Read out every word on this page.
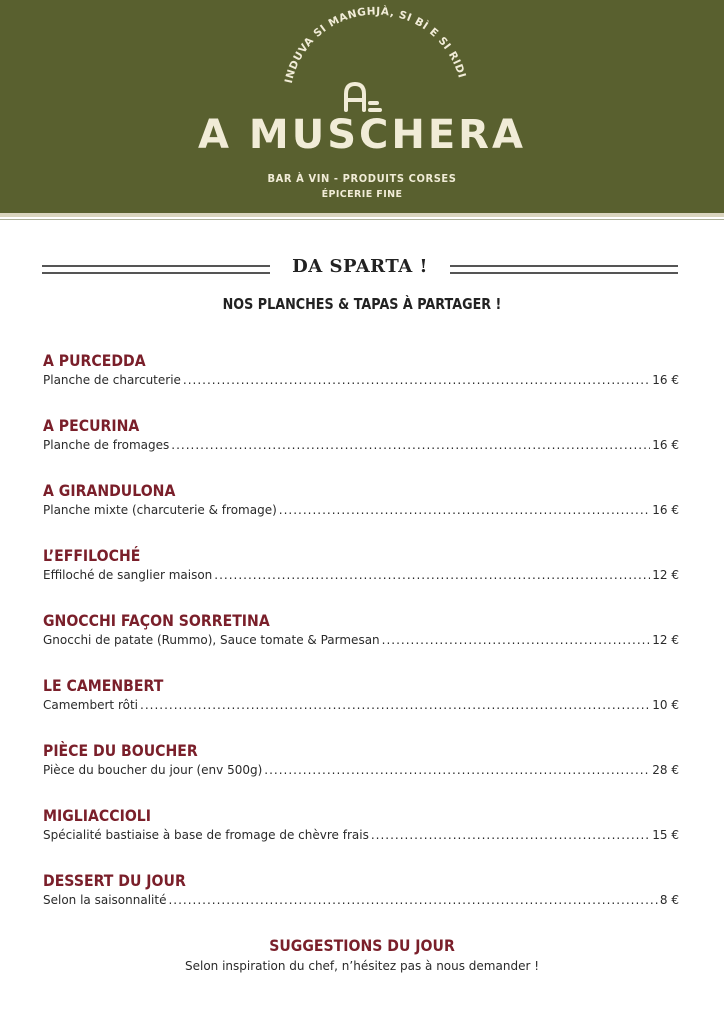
INDUVA SI MANGHJÀ, SI BÌ E SI RIDI
A MUSCHERA
BAR À VIN - PRODUITS CORSES
ÉPICERIE FINE
DA SPARTA !
NOS PLANCHES & TAPAS À PARTAGER !
A PURCEDDA
Planche de charcuterie .....	16 €
A PECURINA
Planche de fromages .....	16 €
A GIRANDULONA
Planche mixte (charcuterie & fromage) .....	16 €
L’EFFILOCHÉ
Effiloché de sanglier maison .....	12 €
GNOCCHI FAÇON SORRETINA
Gnocchi de patate (Rummo), Sauce tomate & Parmesan .....	12 €
LE CAMENBERT
Camembert rôti .....	10 €
PIÈCE DU BOUCHER
Pièce du boucher du jour (env 500g) .....	28 €
MIGLIACCIOLI
Spécialité bastiaise à base de fromage de chèvre frais .....	15 €
DESSERT DU JOUR
Selon la saisonnalité .....	8 €
SUGGESTIONS DU JOUR
Selon inspiration du chef, n’hésitez pas à nous demander !
